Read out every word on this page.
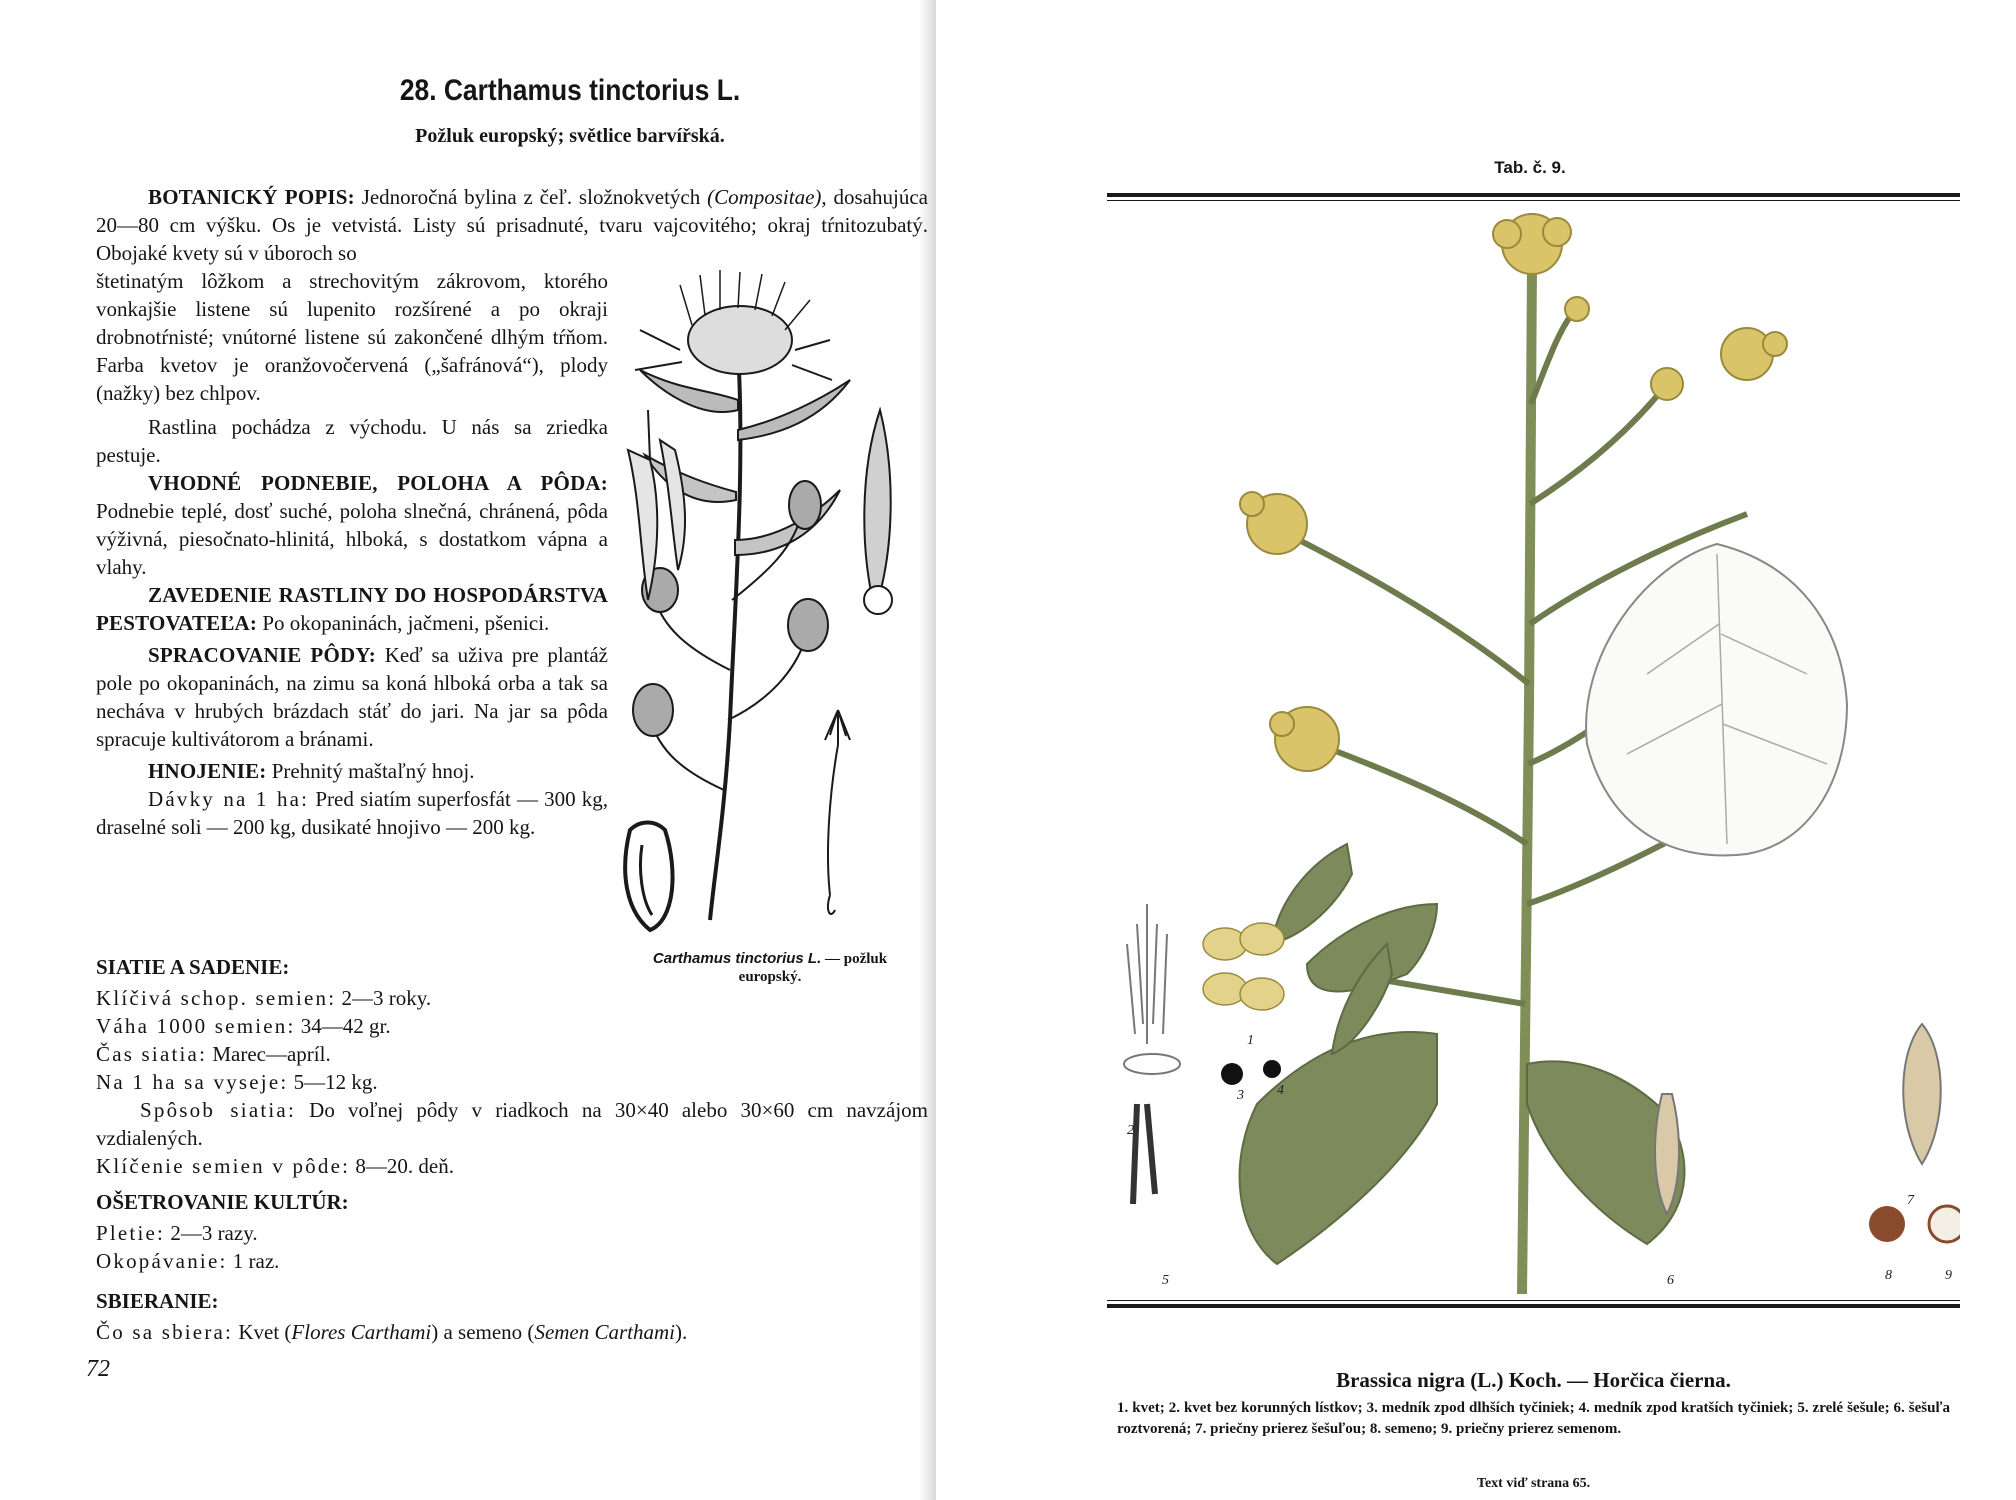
28. Carthamus tinctorius L.
Požluk europský; světlice barvířská.

BOTANICKÝ POPIS: Jednoročná bylina z čeľ. složnokvetých (Compositae), dosahujúca 20—80 cm výšku. Os je vetvistá. Listy sú prisadnuté, tvaru vajcovitého; okraj tŕnitozubatý. Obojaké kvety sú v úboroch so

štetinatým lôžkom a strechovitým zákrovom, ktorého vonkajšie listene sú lupenito rozšírené a po okraji drobnotŕnisté; vnútorné listene sú zakončené dlhým tŕňom. Farba kvetov je oranžovočervená („šafránová“), plody (nažky) bez chlpov.

Rastlina pochádza z východu. U nás sa zriedka pestuje.

VHODNÉ PODNEBIE, POLOHA A PÔDA: Podnebie teplé, dosť suché, poloha slnečná, chránená, pôda výživná, piesočnato-hlinitá, hlboká, s dostatkom vápna a vlahy.

ZAVEDENIE RASTLINY DO HOSPODÁRSTVA PESTOVATEĽA: Po okopaninách, jačmeni, pšenici.

SPRACOVANIE PÔDY: Keď sa uživa pre plantáž pole po okopaninách, na zimu sa koná hlboká orba a tak sa necháva v hrubých brázdach stáť do jari. Na jar sa pôda spracuje kultivátorom a bránami.

HNOJENIE: Prehnitý maštaľný hnoj.

Dávky na 1 ha: Pred siatím superfosfát — 300 kg, draselné soli — 200 kg, dusikaté hnojivo — 200 kg.

SIATIE A SADENIE:

Klíčivá schop. semien: 2—3 roky.

Váha 1000 semien: 34—42 gr.

Čas siatia: Marec—apríl.

Na 1 ha sa vyseje: 5—12 kg.

Spôsob siatia: Do voľnej pôdy v riadkoch na 30×40 alebo 30×60 cm navzájom vzdialených.

Klíčenie semien v pôde: 8—20. deň.

OŠETROVANIE KULTÚR:

Pletie: 2—3 razy.

Okopávanie: 1 raz.

SBIERANIE:

Čo sa sbiera: Kvet (Flores Carthami) a semeno (Semen Carthami).

Carthamus tinctorius L. — požluk europský.
72
Tab. č. 9.
1
2
3 4
5	6
7
8	9
Brassica nigra (L.) Koch. — Horčica čierna.
1. kvet; 2. kvet bez korunných lístkov; 3. medník zpod dlhších tyčiniek; 4. medník zpod kratších tyčiniek; 5. zrelé šešule; 6. šešuľa roztvorená; 7. priečny prierez šešuľou; 8. semeno; 9. priečny prierez semenom.
Text viď strana 65.
